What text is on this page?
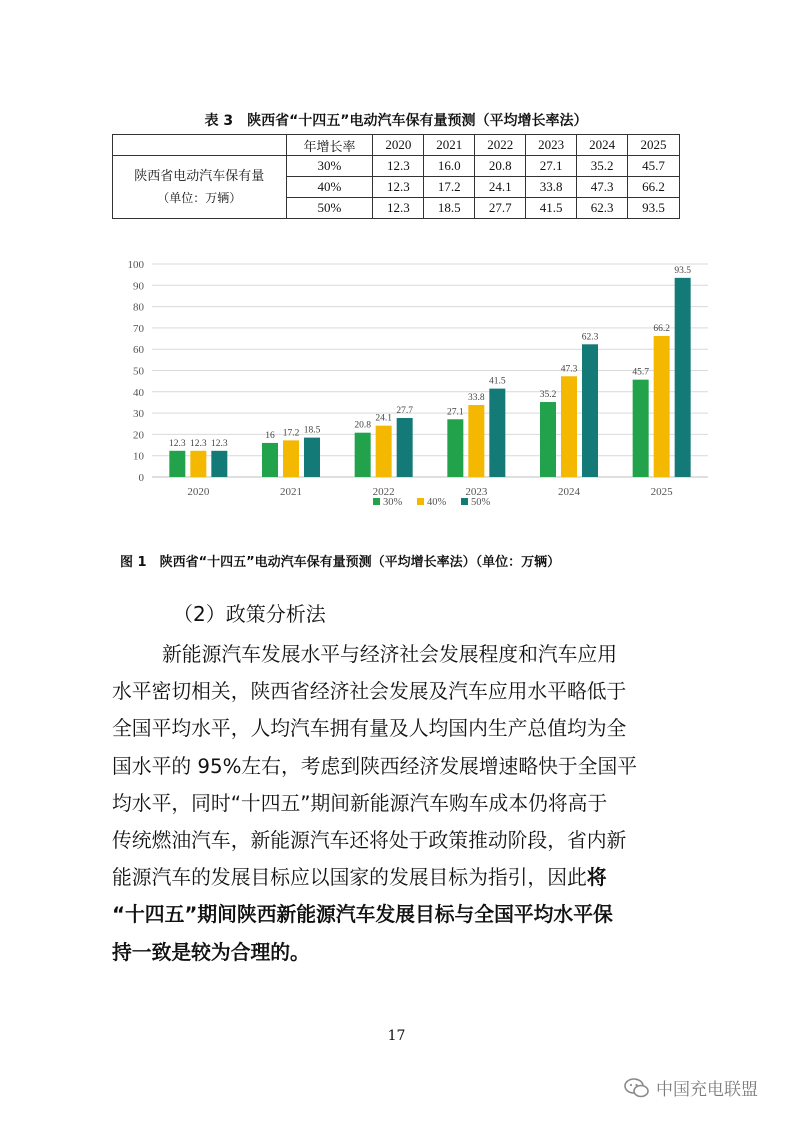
表 3　陕西省“十四五”电动汽车保有量预测（平均增长率法）
	年增长率	2020	2021	2022	2023	2024	2025

陕西省电动汽车保有量
（单位：万辆）	30%	12.3	16.0	20.8	27.1	35.2	45.7
	40%	12.3	17.2	24.1	33.8	47.3	66.2
	50%	12.3	18.5	27.7	41.5	62.3	93.5
0
10
20
30
40
50
60
70
80
90
100
12.3 12.3 12.3
2020
16 17.2 18.5
2021
20.8
24.1
27.7
2022
27.1
33.8
41.5
2023
35.2
47.3
62.3
2024
45.7
66.2
93.5
2025
30% 40% 50%
图 1　陕西省“十四五”电动汽车保有量预测（平均增长率法）（单位：万辆）
（2）政策分析法
新能源汽车发展水平与经济社会发展程度和汽车应用
水平密切相关，陕西省经济社会发展及汽车应用水平略低于
全国平均水平，人均汽车拥有量及人均国内生产总值均为全
国水平的 95%左右，考虑到陕西经济发展增速略快于全国平
均水平，同时“十四五”期间新能源汽车购车成本仍将高于
传统燃油汽车，新能源汽车还将处于政策推动阶段，省内新
能源汽车的发展目标应以国家的发展目标为指引，因此将
“十四五”期间陕西新能源汽车发展目标与全国平均水平保
持一致是较为合理的。
17
中国充电联盟
